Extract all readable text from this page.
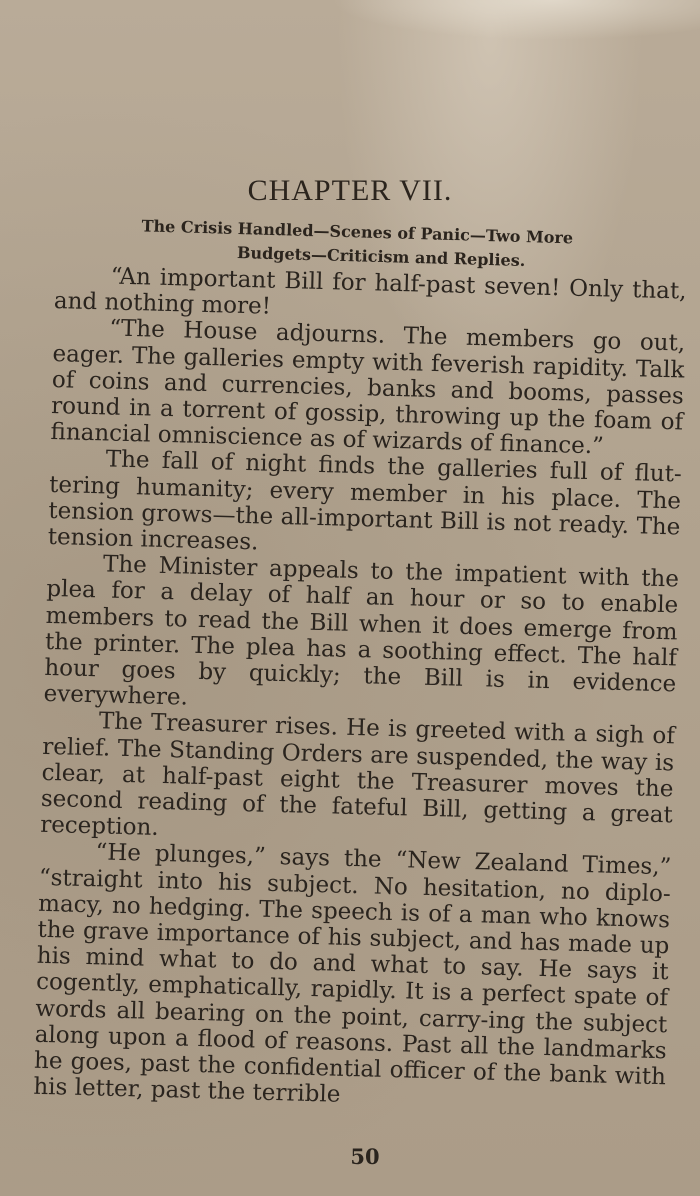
CHAPTER VII.
The Crisis Handled—Scenes of Panic—Two More
Budgets—Criticism and Replies.

“An important Bill for half-past seven! Only that, and nothing more!

“The House adjourns. The members go out, eager. The galleries empty with feverish rapidity. Talk of coins and currencies, banks and booms, passes round in a torrent of gossip, throwing up the foam of financial omniscience as of wizards of finance.”

The fall of night finds the galleries full of flut-tering humanity; every member in his place. The tension grows—the all-important Bill is not ready. The tension increases.

The Minister appeals to the impatient with the plea for a delay of half an hour or so to enable members to read the Bill when it does emerge from the printer. The plea has a soothing effect. The half hour goes by quickly; the Bill is in evidence everywhere.

The Treasurer rises. He is greeted with a sigh of relief. The Standing Orders are suspended, the way is clear, at half-past eight the Treasurer moves the second reading of the fateful Bill, getting a great reception.

“He plunges,” says the “New Zealand Times,” “straight into his subject. No hesitation, no diplo-macy, no hedging. The speech is of a man who knows the grave importance of his subject, and has made up his mind what to do and what to say. He says it cogently, emphatically, rapidly. It is a perfect spate of words all bearing on the point, carry-ing the subject along upon a flood of reasons. Past all the landmarks he goes, past the confidential officer of the bank with his letter, past the terrible

50
